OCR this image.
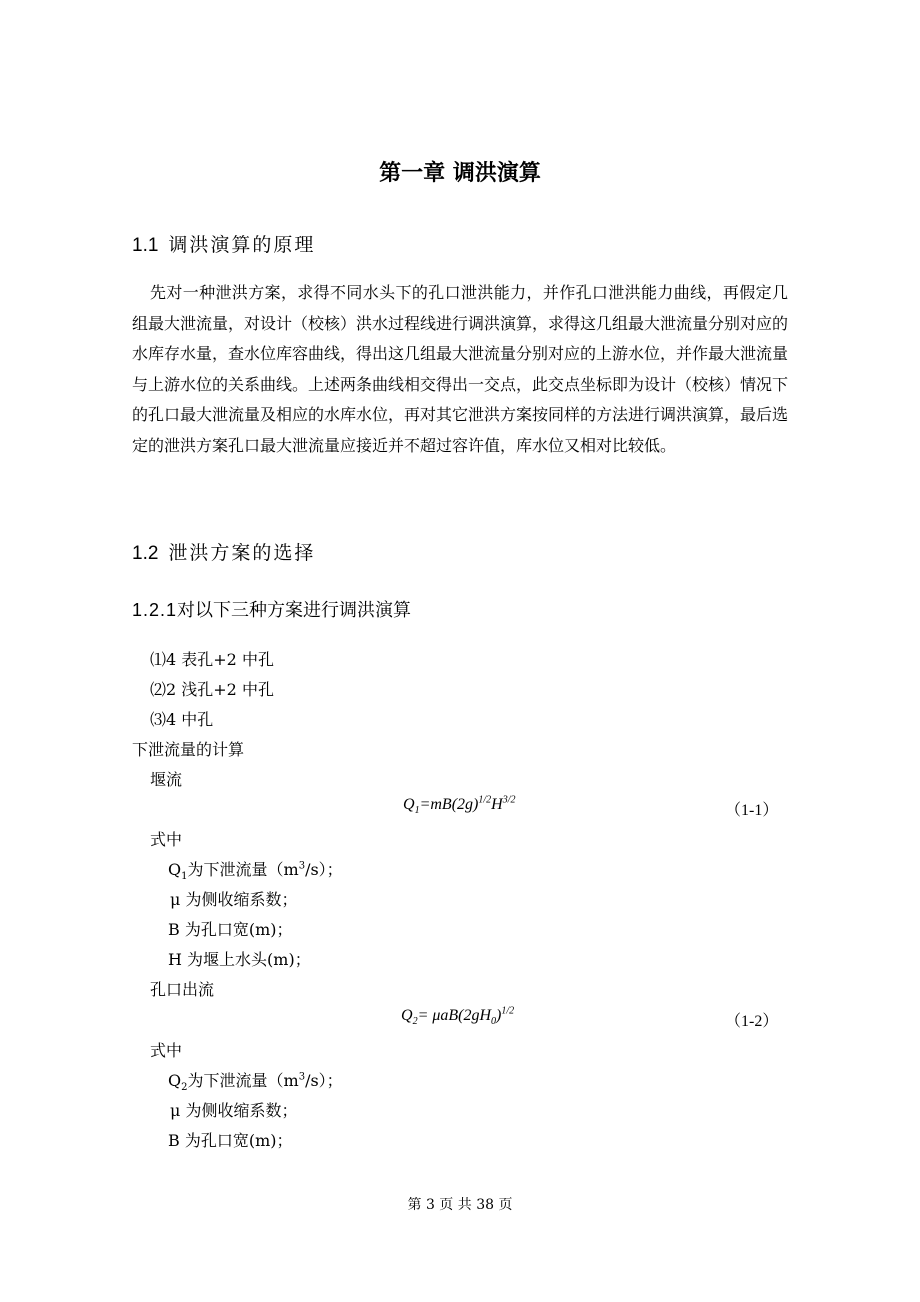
第一章 调洪演算
1.1 调洪演算的原理
先对一种泄洪方案，求得不同水头下的孔口泄洪能力，并作孔口泄洪能力曲线，再假定几组最大泄流量，对设计（校核）洪水过程线进行调洪演算，求得这几组最大泄流量分别对应的水库存水量，查水位库容曲线，得出这几组最大泄流量分别对应的上游水位，并作最大泄流量与上游水位的关系曲线。上述两条曲线相交得出一交点，此交点坐标即为设计（校核）情况下的孔口最大泄流量及相应的水库水位，再对其它泄洪方案按同样的方法进行调洪演算，最后选定的泄洪方案孔口最大泄流量应接近并不超过容许值，库水位又相对比较低。
1.2 泄洪方案的选择
1.2.1对以下三种方案进行调洪演算
⑴4 表孔+2 中孔
⑵2 浅孔+2 中孔
⑶4 中孔
下泄流量的计算
堰流
$Q_1=mB(2g)^{1/2}H^{3/2}$
（1-1）
式中
$Q_1$为下泄流量$(m^3/s)$；
μ 为侧收缩系数；
B 为孔口宽(m)；
H 为堰上水头(m)；
孔口出流
$Q_2= \mu aB(2gH_0)^{1/2}$
（1-2）
式中
$Q_2$为下泄流量$(m^3/s)$；
μ 为侧收缩系数；
B 为孔口宽(m)；
第 3 页 共 38 页
